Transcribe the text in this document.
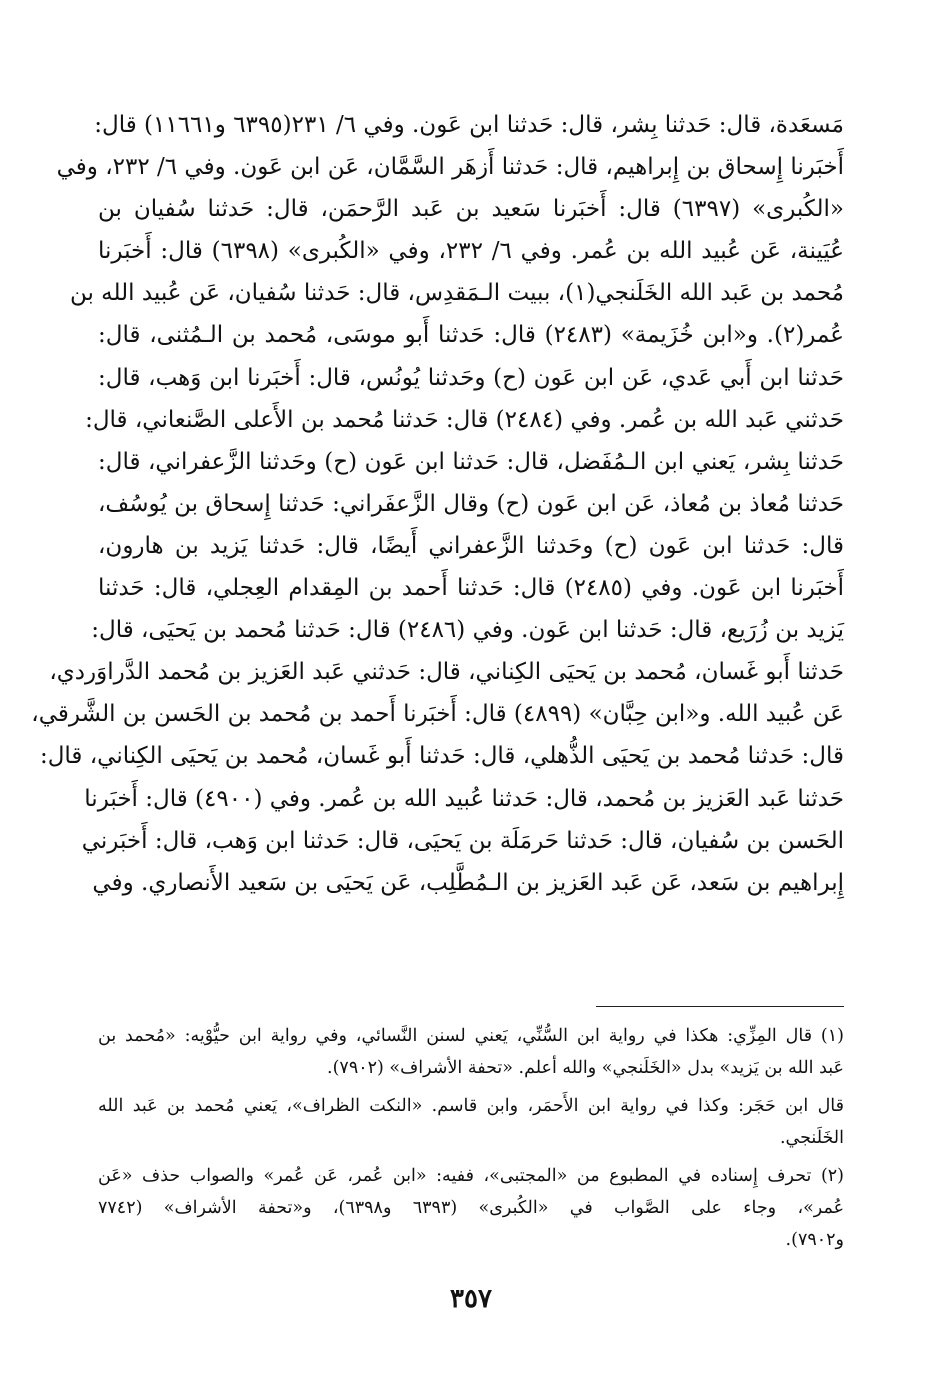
مَسعَدة، قال: حَدثنا بِشر، قال: حَدثنا ابن عَون. وفي ٦/ ٢٣١(٦٣٩٥ و١١٦٦١) قال:
أَخبَرنا إِسحاق بن إِبراهيم، قال: حَدثنا أَزهَر السَّمَّان، عَن ابن عَون. وفي ٦/ ٢٣٢، وفي
«الكُبرى» (٦٣٩٧) قال: أَخبَرنا سَعيد بن عَبد الرَّحمَن، قال: حَدثنا سُفيان بن
عُيَينة، عَن عُبيد الله بن عُمر. وفي ٦/ ٢٣٢، وفي «الكُبرى» (٦٣٩٨) قال: أَخبَرنا
مُحمد بن عَبد الله الخَلَنجي(١)، ببيت الـمَقدِس، قال: حَدثنا سُفيان، عَن عُبيد الله بن
عُمر(٢). و«ابن خُزَيمة» (٢٤٨٣) قال: حَدثنا أَبو موسَى، مُحمد بن الـمُثنى، قال:
حَدثنا ابن أَبي عَدي، عَن ابن عَون (ح) وحَدثنا يُونُس، قال: أَخبَرنا ابن وَهب، قال:
حَدثني عَبد الله بن عُمر. وفي (٢٤٨٤) قال: حَدثنا مُحمد بن الأَعلى الصَّنعاني، قال:
حَدثنا بِشر، يَعني ابن الـمُفَضل، قال: حَدثنا ابن عَون (ح) وحَدثنا الزَّعفراني، قال:
حَدثنا مُعاذ بن مُعاذ، عَن ابن عَون (ح) وقال الزَّعفَراني: حَدثنا إِسحاق بن يُوسُف،
قال: حَدثنا ابن عَون (ح) وحَدثنا الزَّعفراني أَيضًا، قال: حَدثنا يَزيد بن هارون،
أَخبَرنا ابن عَون. وفي (٢٤٨٥) قال: حَدثنا أَحمد بن المِقدام العِجلي، قال: حَدثنا
يَزيد بن زُرَيع، قال: حَدثنا ابن عَون. وفي (٢٤٨٦) قال: حَدثنا مُحمد بن يَحيَى، قال:
حَدثنا أَبو غَسان، مُحمد بن يَحيَى الكِناني، قال: حَدثني عَبد العَزيز بن مُحمد الدَّراوَردي،
عَن عُبيد الله. و«ابن حِبَّان» (٤٨٩٩) قال: أَخبَرنا أَحمد بن مُحمد بن الحَسن بن الشَّرقي،
قال: حَدثنا مُحمد بن يَحيَى الذُّهلي، قال: حَدثنا أَبو غَسان، مُحمد بن يَحيَى الكِناني، قال:
حَدثنا عَبد العَزيز بن مُحمد، قال: حَدثنا عُبيد الله بن عُمر. وفي (٤٩٠٠) قال: أَخبَرنا
الحَسن بن سُفيان، قال: حَدثنا حَرمَلَة بن يَحيَى، قال: حَدثنا ابن وَهب، قال: أَخبَرني
إِبراهيم بن سَعد، عَن عَبد العَزيز بن الـمُطَّلِب، عَن يَحيَى بن سَعيد الأَنصاري. وفي
(١) قال المِزِّي: هكذا في رواية ابن السُّنِّي، يَعني لسنن النَّسائي، وفي رواية ابن حيُّوْيه: «مُحمد بن
عَبد الله بن يَزيد» بدل «الخَلَنجي» والله أعلم. «تحفة الأشراف» (٧٩٠٢).
قال ابن حَجَر: وكذا في رواية ابن الأَحمَر، وابن قاسم. «النكت الظراف»، يَعني مُحمد بن عَبد الله
الخَلَنجي.
(٢) تحرف إِسناده في المطبوع من «المجتبى»، ففيه: «ابن عُمر، عَن عُمر» والصواب حذف «عَن
عُمر»، وجاء على الصَّواب في «الكُبرى» (٦٣٩٣ و٦٣٩٨)، و«تحفة الأشراف» (٧٧٤٢
و٧٩٠٢).
٣٥٧
